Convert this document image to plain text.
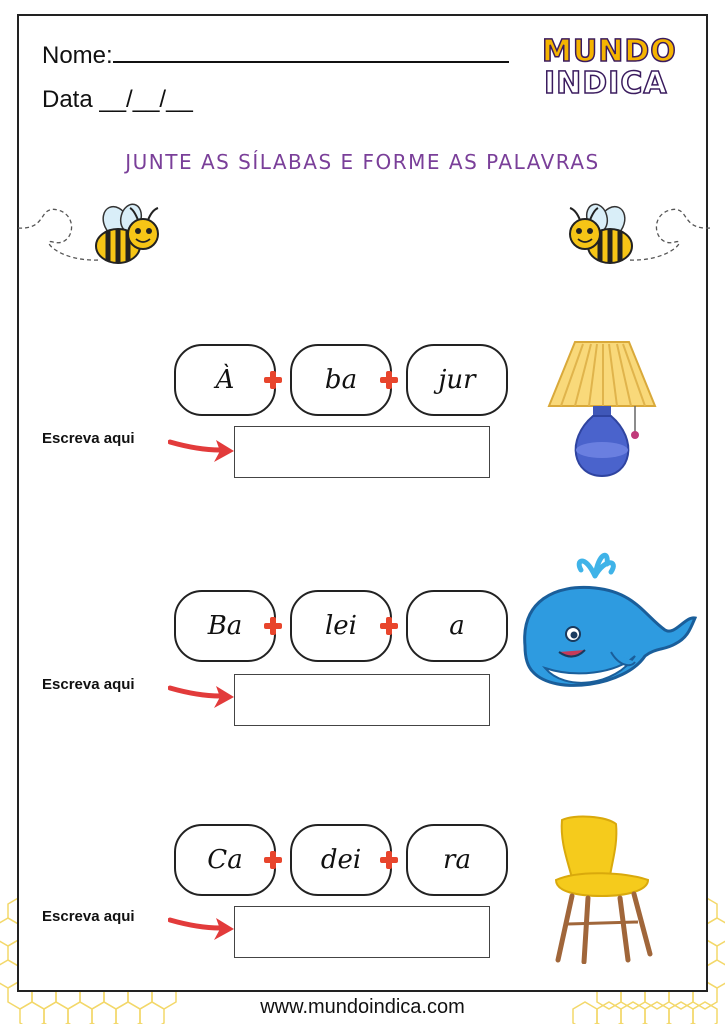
Nome:
Data __/__/__
MUNDO
INDICA
JUNTE AS SÍLABAS E FORME AS PALAVRAS
À	ba	jur
Escreva aqui
Ba	lei	a
Escreva aqui
Ca	dei	ra
Escreva aqui
www.mundoindica.com
